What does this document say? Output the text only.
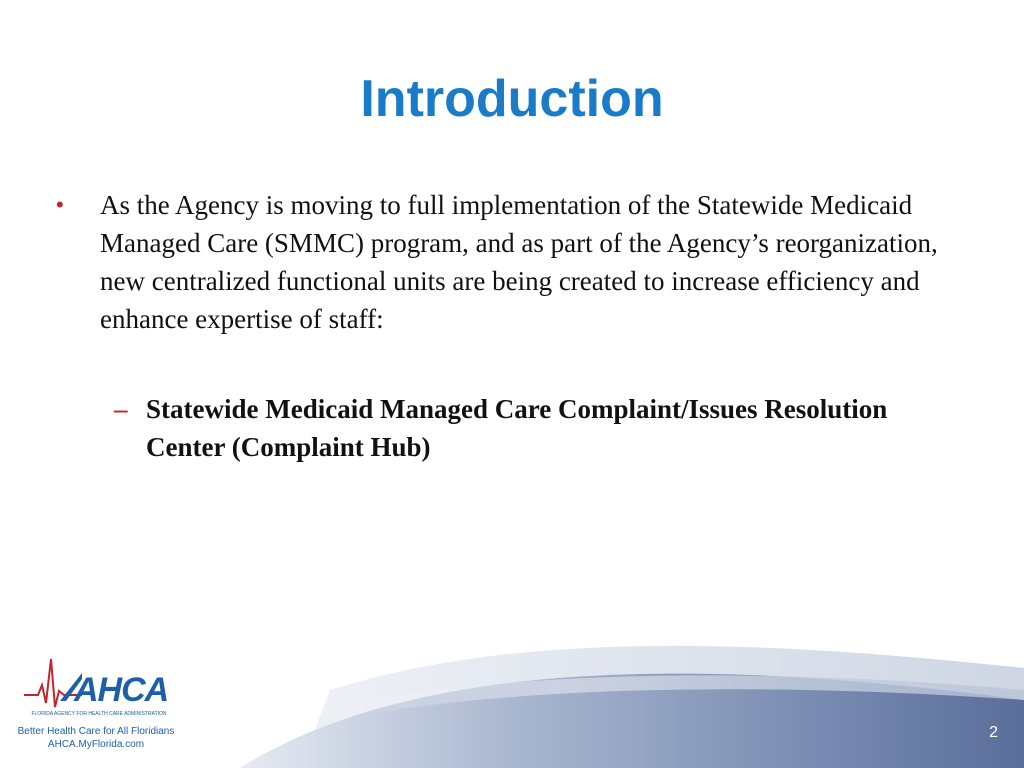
Introduction
•	As the Agency is moving to full implementation of the Statewide Medicaid Managed Care (SMMC) program, and as part of the Agency’s reorganization, new centralized functional units are being created to increase efficiency and enhance expertise of staff:
– Statewide Medicaid Managed Care Complaint/Issues Resolution Center (Complaint Hub)
AHCA
FLORIDA AGENCY FOR HEALTH CARE ADMINISTRATION
Better Health Care for All Floridians
AHCA.MyFlorida.com
2
